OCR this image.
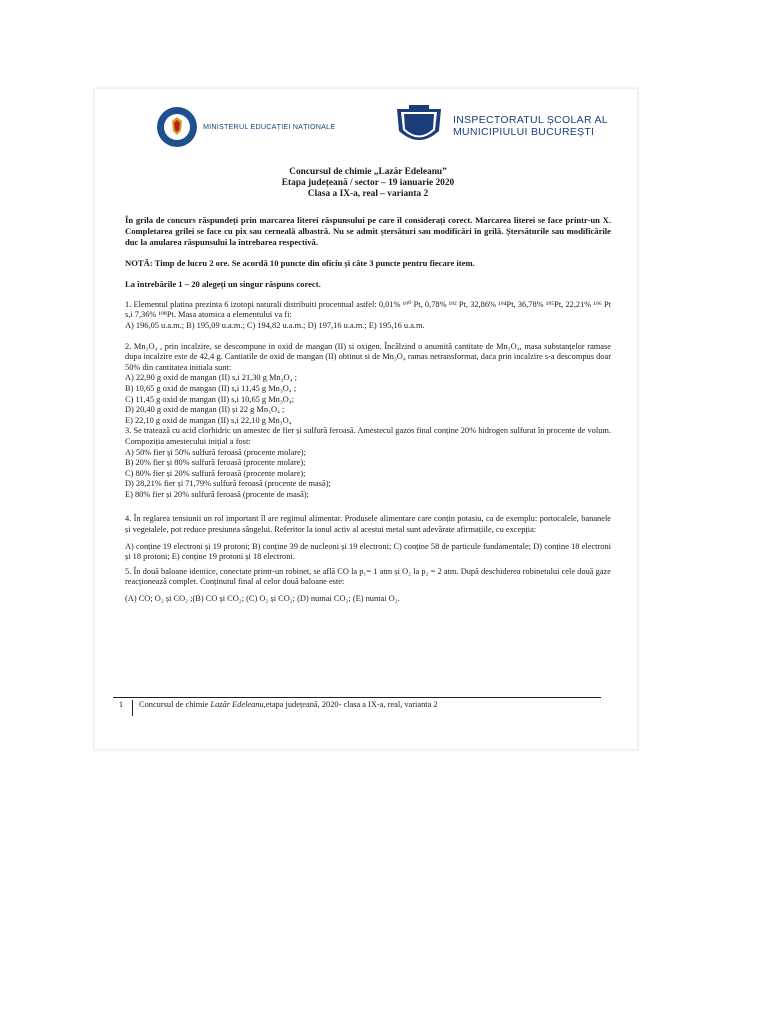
MINISTERUL EDUCAȚIEI NAȚIONALE
INSPECTORATUL ȘCOLAR AL
MUNICIPIULUI BUCUREȘTI
Concursul de chimie „Lazăr Edeleanu”
Etapa județeană / sector – 19 ianuarie 2020
Clasa a IX-a, real – varianta 2
În grila de concurs răspundeți prin marcarea literei răspunsului pe care îl considerați corect. Marcarea literei se face printr-un X. Completarea grilei se face cu pix sau cerneală albastră. Nu se admit ștersături sau modificări în grilă. Ștersăturile sau modificările duc la anularea răspunsului la întrebarea respectivă.
NOTĂ: Timp de lucru 2 ore. Se acordă 10 puncte din oficiu și câte 3 puncte pentru fiecare item.
La întrebările 1 – 20 alegeți un singur răspuns corect.
1. Elementul platina prezinta 6 izotopi naturali distribuiti procentual astfel: 0,01% ¹⁹⁰ Pt, 0,78% ¹⁹² Pt, 32,86% ¹⁹⁴Pt, 36,78% ¹⁹⁵Pt, 22,21% ¹⁹⁶ Pt s,i 7,36% ¹⁹⁸Pt. Masa atomica a elementului va fi:
A) 196,05 u.a.m.; B) 195,09 u.a.m.; C) 194,82 u.a.m.; D) 197,16 u.a.m.; E) 195,16 u.a.m.
2. Mn₃O₄ , prin incalzire, se descompune in oxid de mangan (II) si oxigen. Încălzind o anumită cantitate de Mn₃O₄, masa substanțelor ramase dupa incalzire este de 42,4 g. Cantiatile de oxid de mangan (II) obtinut si de Mn₃O₄ ramas netransformat, daca prin incalzire s-a descompus doar 50% din cantitatea initiala sunt:
A) 22,90 g oxid de mangan (II) s,i 21,30 g Mn₃O₄ ;
B) 10,65 g oxid de mangan (II) s,i 11,45 g Mn₃O₄ ;
C) 11,45 g oxid de mangan (II) s,i 10,65 g Mn₃O₄;
D) 20,40 g oxid de mangan (II) și 22 g Mn₃O₄ ;
E) 22,10 g oxid de mangan (II) s,i 22,10 g Mn₃O₄
3. Se tratează cu acid clorhidric un amestec de fier și sulfură feroasă. Amestecul gazos final conține 20% hidrogen sulfurat în procente de volum. Compoziția amestecului inițial a fost:
A) 50% fier și 50% sulfură feroasă (procente molare);
B) 20% fier și 80% sulfură feroasă (procente molare);
C) 80% fier și 20% sulfură feroasă (procente molare);
D) 28,21% fier și 71,79% sulfură feroasă (procente de masă);
E) 80% fier și 20% sulfură feroasă (procente de masă);
4. În reglarea tensiunii un rol important îl are regimul alimentar. Produsele alimentare care conțin potasiu, ca de exemplu: portocalele, bananele și vegetalele, pot reduce presiunea sângelui. Referitor la ionul activ al acestui metal sunt adevărate afirmațiile, cu excepția:
A) conține 19 electroni și 19 protoni; B) conține 39 de nucleoni și 19 electroni; C) conține 58 de particule fundamentale; D) conține 18 electroni și 18 protoni; E) conține 19 protoni și 18 electroni.
5. În două baloane identice, conectate printr-un robinet, se află CO la p₁= 1 atm și O₂ la p₂ = 2 atm. După deschiderea robinetului cele două gaze reacționează complet. Conținutul final al celor două baloane este:
(A) CO; O₂ și CO₂ ;(B) CO și CO₂; (C) O₂ și CO₂; (D) numai CO₂; (E) numai O₂.
1	Concursul de chimie Lazăr Edeleanu,etapa județeană, 2020- clasa a IX-a, real, varianta 2
